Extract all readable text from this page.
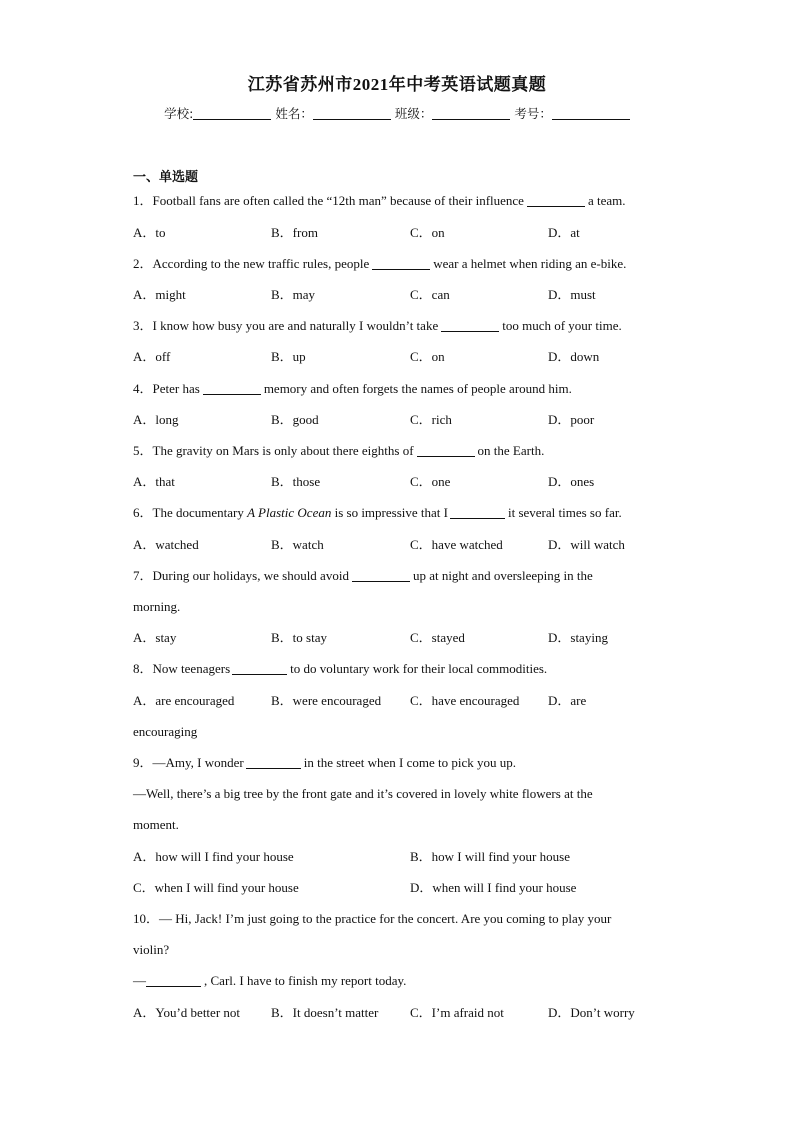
江苏省苏州市2021年中考英语试题真题
学校:	姓名：	班级：	考号：
一、单选题
1．Football fans are often called the “12th man” because of their influence	a team.
A．to	B．from	C．on	D．at
2．According to the new traffic rules, people	wear a helmet when riding an e-bike.
A．might	B．may	C．can	D．must
3．I know how busy you are and naturally I wouldn’t take	too much of your time.
A．off	B．up	C．on	D．down
4．Peter has	memory and often forgets the names of people around him.
A．long	B．good	C．rich	D．poor
5．The gravity on Mars is only about there eighths of	on the Earth.
A．that	B．those	C．one	D．ones
6．The documentary A Plastic Ocean is so impressive that I	it several times so far.
A．watched	B．watch	C．have watched	D．will watch
7．During our holidays, we should avoid	up at night and oversleeping in the
morning.
A．stay	B．to stay	C．stayed	D．staying
8．Now teenagers	to do voluntary work for their local commodities.
A．are encouraged	B．were encouraged C．have encouraged D．are
encouraging
9．—Amy, I wonder	in the street when I come to pick you up.
—Well, there’s a big tree by the front gate and it’s covered in lovely white flowers at the
moment.
A．how will I find your house	B．how I will find your house
C．when I will find your house	D．when will I find your house
10．— Hi, Jack! I’m just going to the practice for the concert. Are you coming to play your
violin?
—	, Carl. I have to finish my report today.
A．You’d better not B．It doesn’t matter C．I’m afraid not	D．Don’t worry
